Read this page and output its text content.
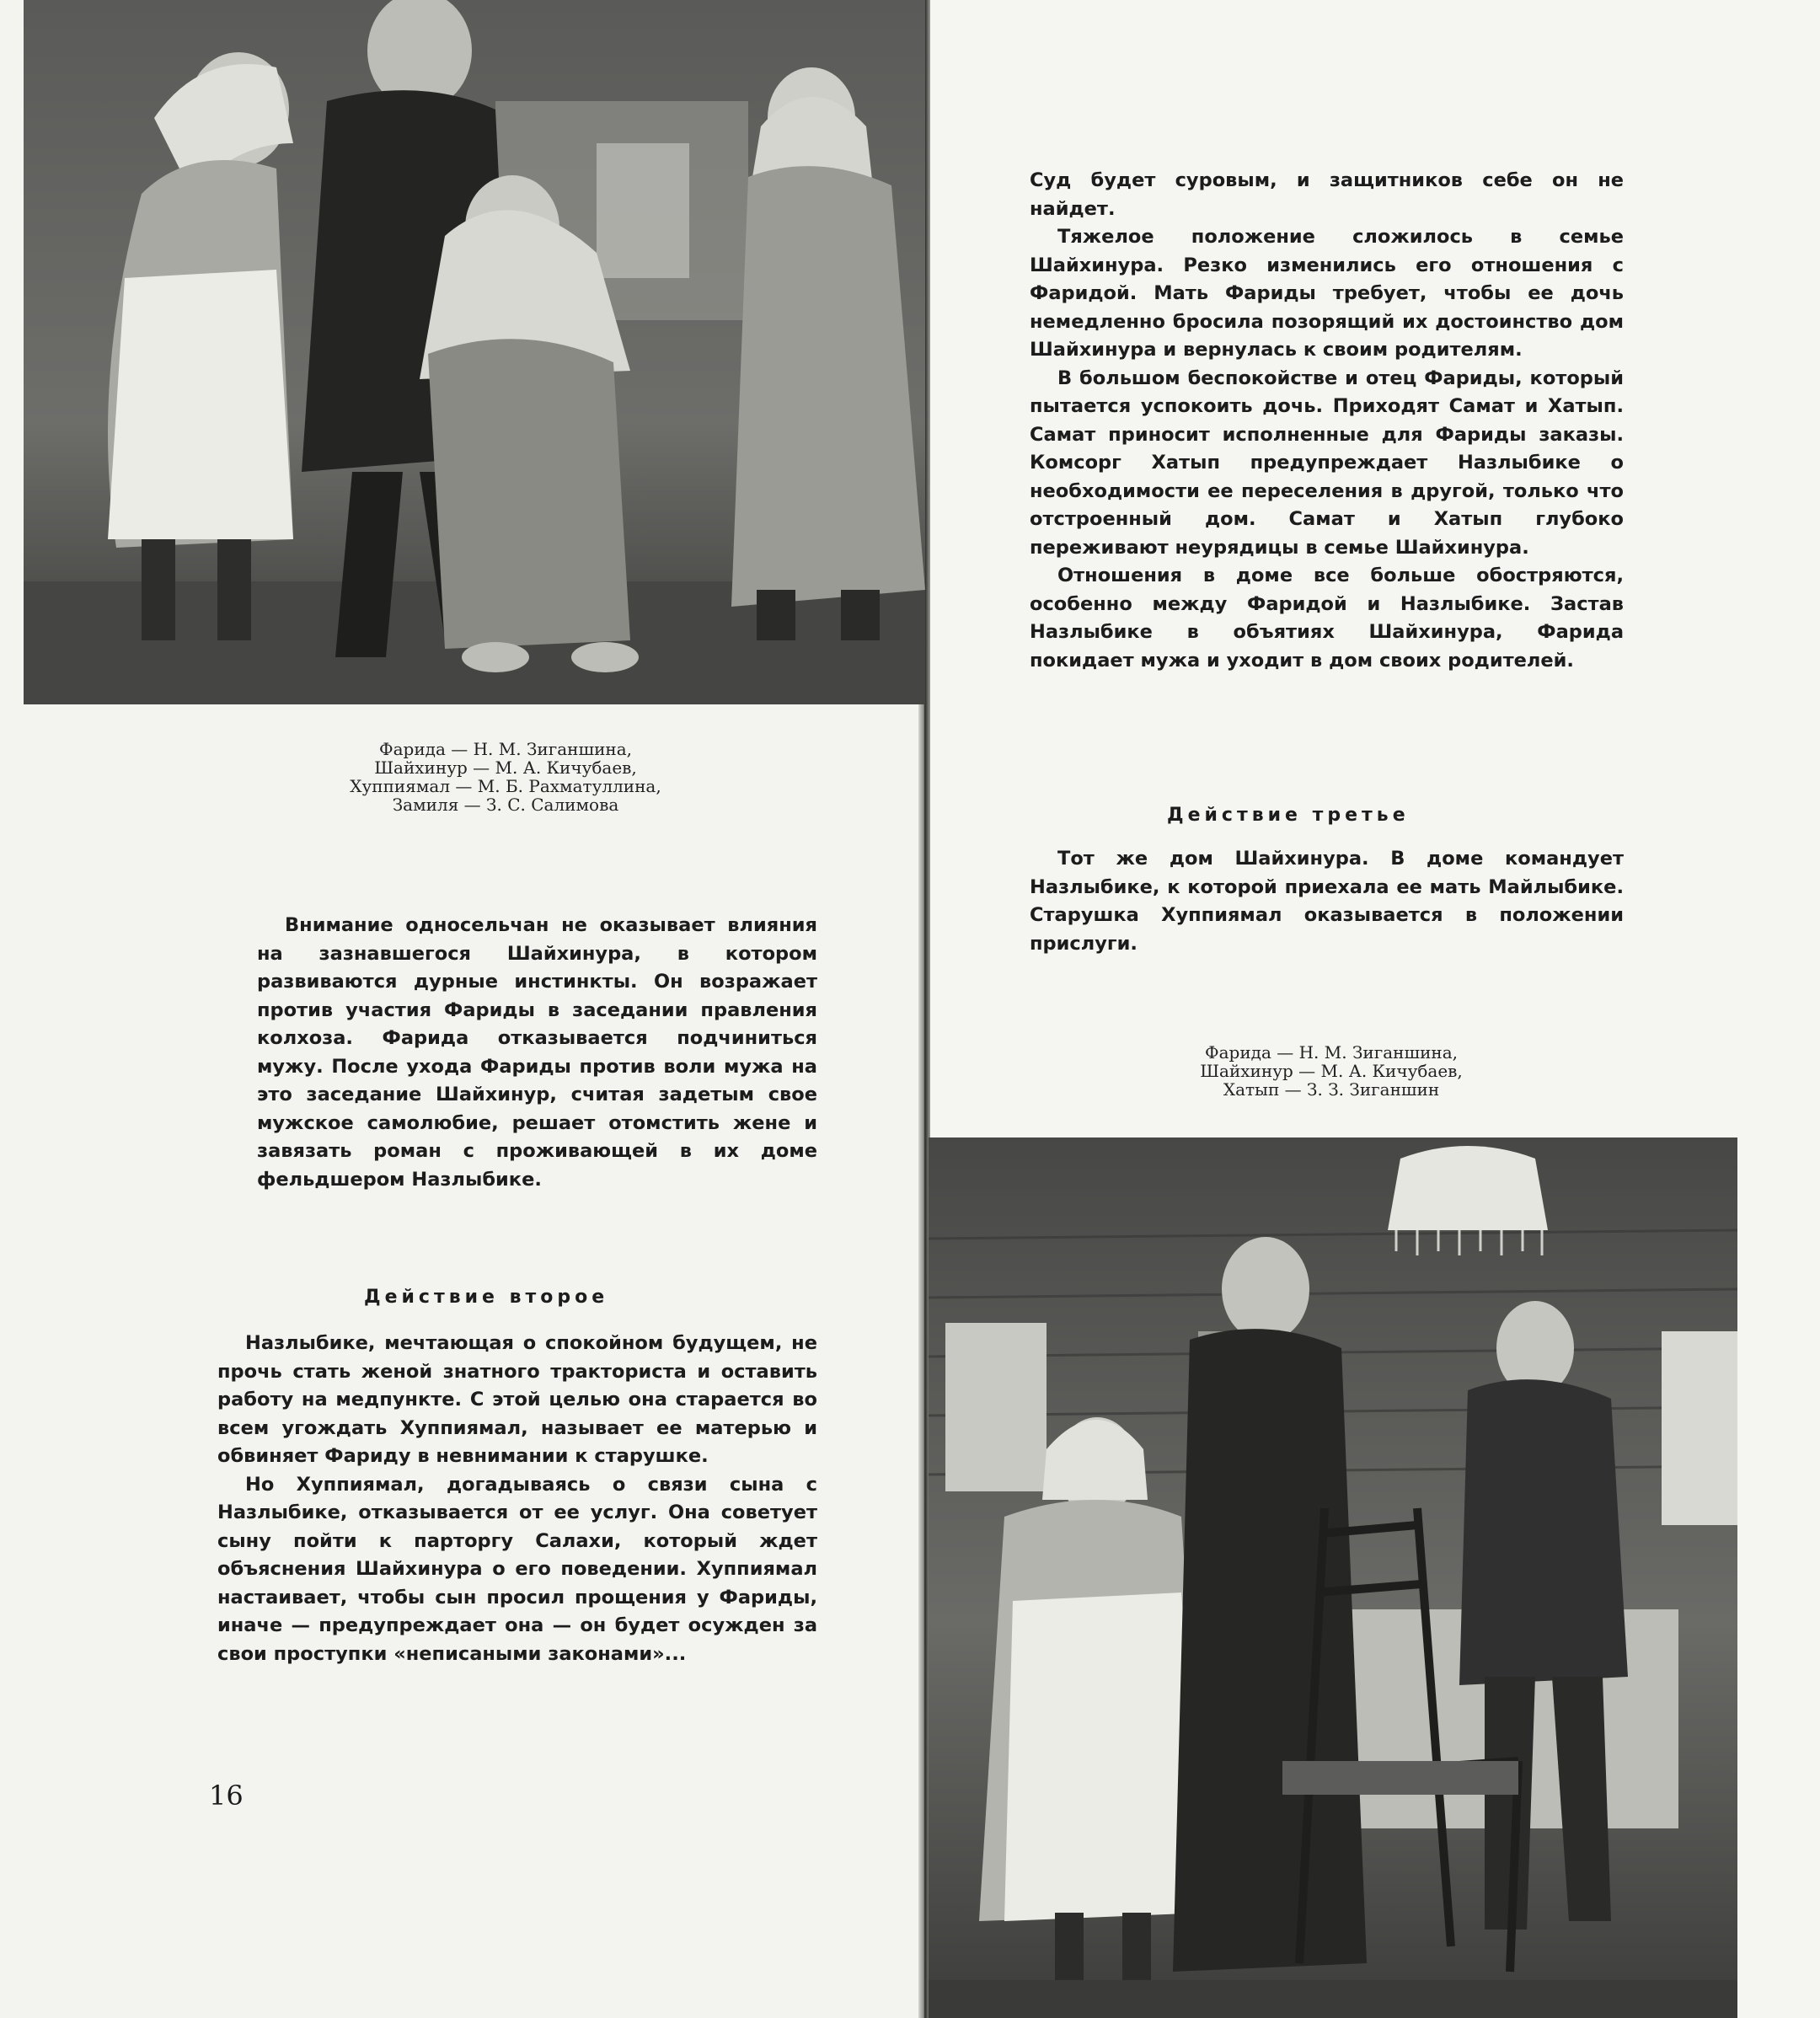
Фарида — Н. М. Зиганшина,
Шайхинур — М. А. Кичубаев,
Хуппиямал — М. Б. Рахматуллина,
Замиля — З. С. Салимова

Внимание односельчан не оказывает влияния на зазнавшегося Шайхинура, в котором развиваются дурные инстинкты. Он возражает против участия Фариды в заседании правления колхоза. Фарида отказывается подчиниться мужу. После ухода Фариды против воли мужа на это заседание Шайхинур, считая задетым свое мужское самолюбие, решает отомстить жене и завязать роман с проживающей в их доме фельдшером Назлыбике.

Действие второе

Назлыбике, мечтающая о спокойном будущем, не прочь стать женой знатного тракториста и оставить работу на медпункте. С этой целью она старается во всем угождать Хуппиямал, называет ее матерью и обвиняет Фариду в невнимании к старушке.

Но Хуппиямал, догадываясь о связи сына с Назлыбике, отказывается от ее услуг. Она советует сыну пойти к парторгу Салахи, который ждет объяснения Шайхинура о его поведении. Хуппиямал настаивает, чтобы сын просил прощения у Фариды, иначе — предупреждает она — он будет осужден за свои проступки «неписаными законами»...

16

Суд будет суровым, и защитников себе он не найдет.

Тяжелое положение сложилось в семье Шайхинура. Резко изменились его отношения с Фаридой. Мать Фариды требует, чтобы ее дочь немедленно бросила позорящий их достоинство дом Шайхинура и вернулась к своим родителям.

В большом беспокойстве и отец Фариды, который пытается успокоить дочь. Приходят Самат и Хатып. Самат приносит исполненные для Фариды заказы. Комсорг Хатып предупреждает Назлыбике о необходимости ее переселения в другой, только что отстроенный дом. Самат и Хатып глубоко переживают неурядицы в семье Шайхинура.

Отношения в доме все больше обостряются, особенно между Фаридой и Назлыбике. Застав Назлыбике в объятиях Шайхинура, Фарида покидает мужа и уходит в дом своих родителей.

Действие третье

Тот же дом Шайхинура. В доме командует Назлыбике, к которой приехала ее мать Майлыбике. Старушка Хуппиямал оказывается в положении прислуги.

Фарида — Н. М. Зиганшина,
Шайхинур — М. А. Кичубаев,
Хатып — З. З. Зиганшин
